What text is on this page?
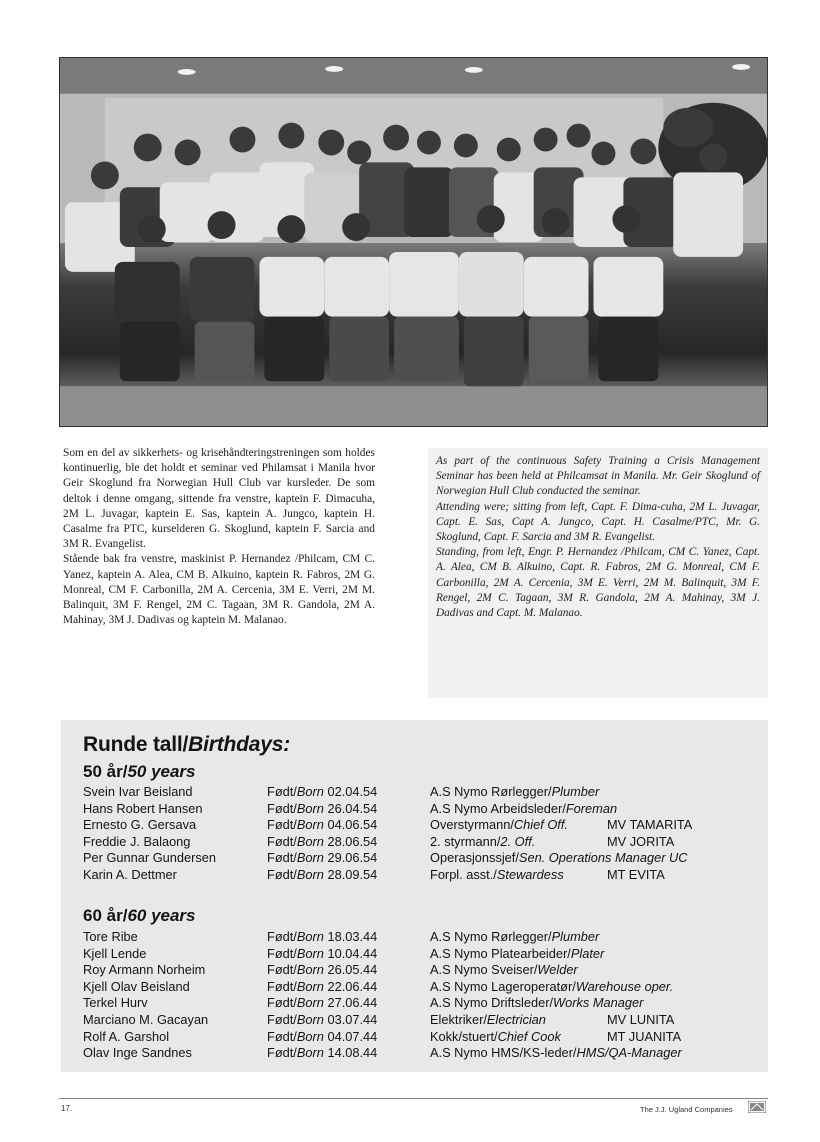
Som en del av sikkerhets- og krisehåndteringstreningen som holdes kontinuerlig, ble det holdt et seminar ved Philamsat i Manila hvor Geir Skoglund fra Norwegian Hull Club var kursleder. De som deltok i denne omgang, sittende fra venstre, kaptein F. Dimacuha, 2M L. Juvagar, kaptein E. Sas, kaptein A. Jungco, kaptein H. Casalme fra PTC, kurselderen G. Skoglund, kaptein F. Sarcia and 3M R. Evangelist.

Stående bak fra venstre, maskinist P. Hernandez /Philcam, CM C. Yanez, kaptein A. Alea, CM B. Alkuino, kaptein R. Fabros, 2M G. Monreal, CM F. Carbonilla, 2M A. Cercenia, 3M E. Verri, 2M M. Balinquit, 3M F. Rengel, 2M C. Tagaan, 3M R. Gandola, 2M A. Mahinay, 3M J. Dadivas og kaptein M. Malanao.

As part of the continuous Safety Training a Crisis Management Seminar has been held at Philcamsat in Manila. Mr. Geir Skoglund of Norwegian Hull Club conducted the seminar.

Attending were; sitting from left, Capt. F. Dima-cuha, 2M L. Juvagar, Capt. E. Sas, Capt A. Jungco, Capt. H. Casalme/PTC, Mr. G. Skoglund, Capt. F. Sarcia and 3M R. Evangelist.

Standing, from left, Engr. P. Hernandez /Philcam, CM C. Yanez, Capt. A. Alea, CM B. Alkuino, Capt. R. Fabros, 2M G. Monreal, CM F. Carbonilla, 2M A. Cercenia, 3M E. Verri, 2M M. Balinquit, 3M F. Rengel, 2M C. Tagaan, 3M R. Gandola, 2M A. Mahinay, 3M J. Dadivas and Capt. M. Malanao.

Runde tall/Birthdays:
50 år/50 years
Svein Ivar Beisland	Født/Born 02.04.54	A.S Nymo Rørlegger/Plumber
Hans Robert Hansen	Født/Born 26.04.54	A.S Nymo Arbeidsleder/Foreman
Ernesto G. Gersava	Født/Born 04.06.54	Overstyrmann/Chief Off.	MV TAMARITA
Freddie J. Balaong	Født/Born 28.06.54	2. styrmann/2. Off.	MV JORITA
Per Gunnar Gundersen	Født/Born 29.06.54	Operasjonssjef/Sen. Operations Manager UC
Karin A. Dettmer	Født/Born 28.09.54	Forpl. asst./Stewardess	MT EVITA
60 år/60 years
Tore Ribe	Født/Born 18.03.44	A.S Nymo Rørlegger/Plumber
Kjell Lende	Født/Born 10.04.44	A.S Nymo Platearbeider/Plater
Roy Armann Norheim	Født/Born 26.05.44	A.S Nymo Sveiser/Welder
Kjell Olav Beisland	Født/Born 22.06.44	A.S Nymo Lageroperatør/Warehouse oper.
Terkel Hurv	Født/Born 27.06.44	A.S Nymo Driftsleder/Works Manager
Marciano M. Gacayan	Født/Born 03.07.44	Elektriker/Electrician	MV LUNITA
Rolf A. Garshol	Født/Born 04.07.44	Kokk/stuert/Chief Cook	MT JUANITA
Olav Inge Sandnes	Født/Born 14.08.44	A.S Nymo HMS/KS-leder/HMS/QA-Manager
17.	The J.J. Ugland Companies
